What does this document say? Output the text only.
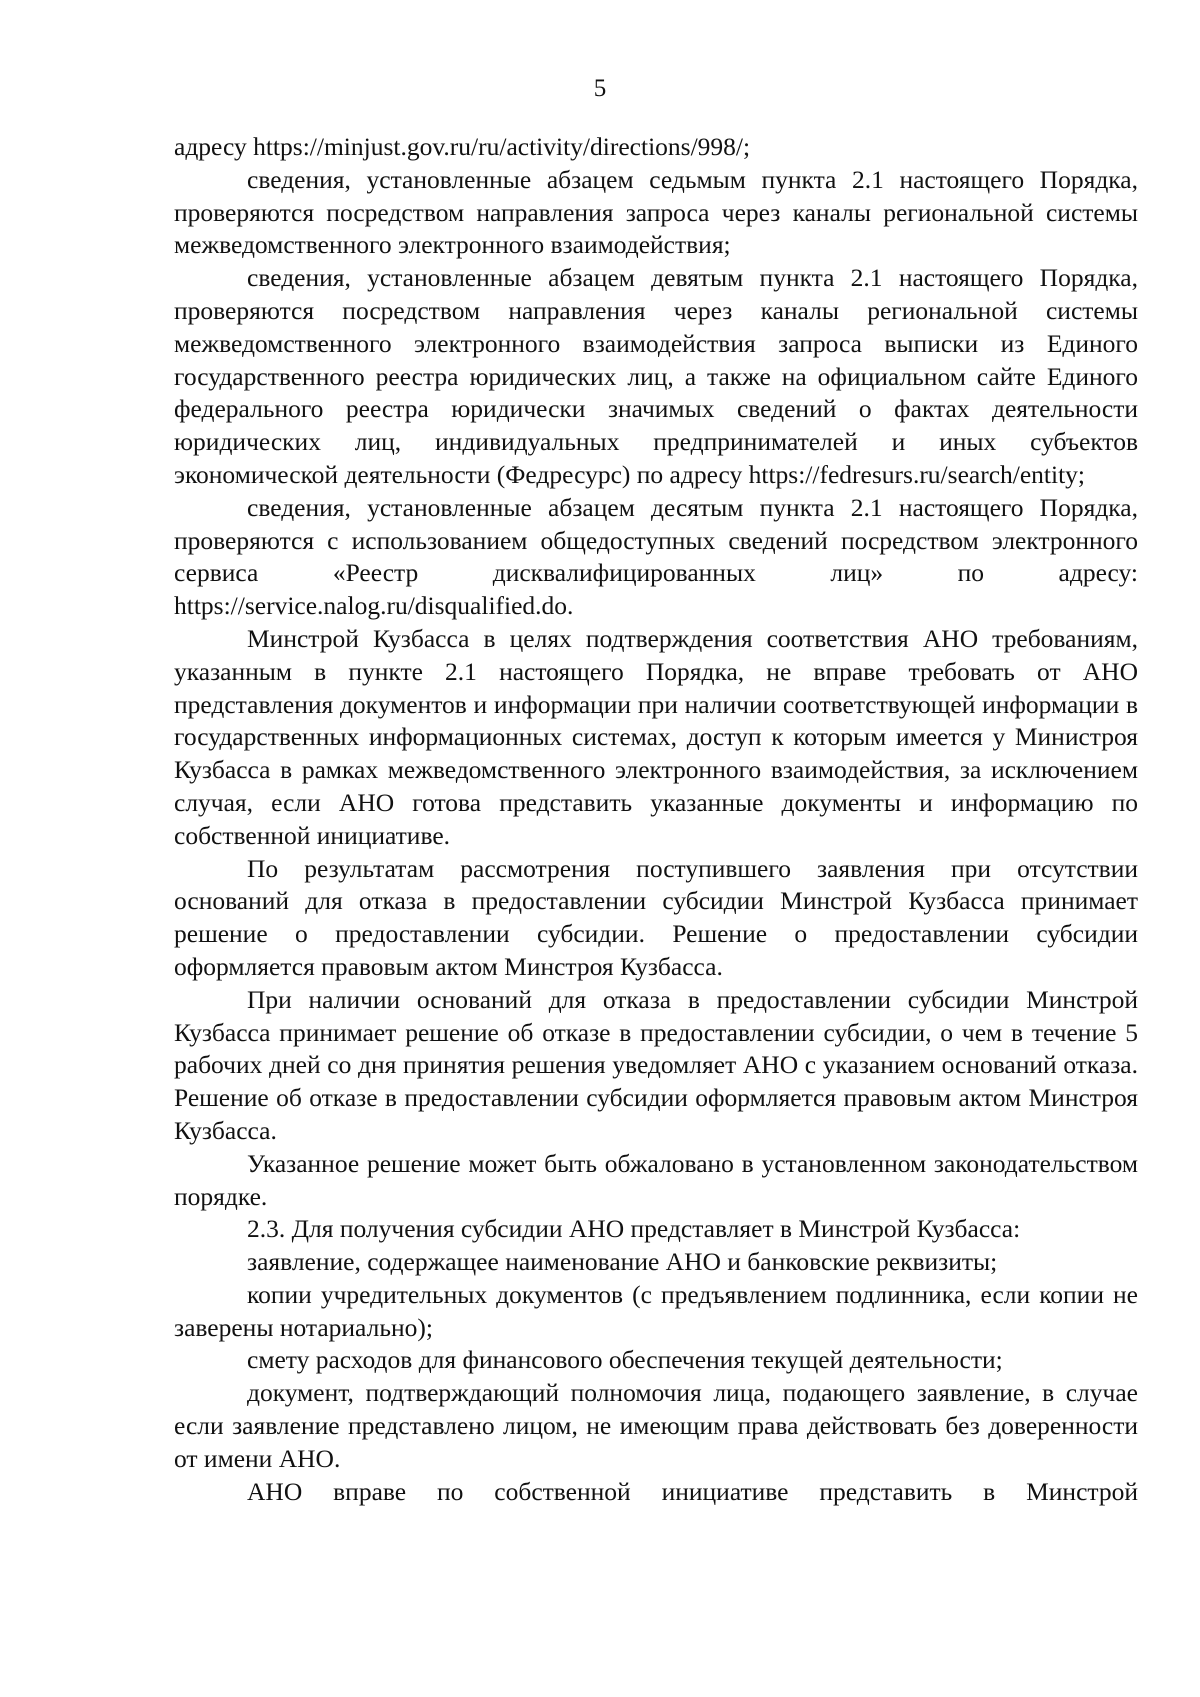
5

адресу https://minjust.gov.ru/ru/activity/directions/998/;

сведения, установленные абзацем седьмым пункта 2.1 настоящего Порядка, проверяются посредством направления запроса через каналы региональной системы межведомственного электронного взаимодействия;

сведения, установленные абзацем девятым пункта 2.1 настоящего Порядка, проверяются посредством направления через каналы региональной системы межведомственного электронного взаимодействия запроса выписки из Единого государственного реестра юридических лиц, а также на официальном сайте Единого федерального реестра юридически значимых сведений о фактах деятельности юридических лиц, индивидуальных предпринимателей и иных субъектов экономической деятельности (Федресурс) по адресу https://fedresurs.ru/search/entity;

сведения, установленные абзацем десятым пункта 2.1 настоящего Порядка, проверяются с использованием общедоступных сведений посредством электронного сервиса «Реестр дисквалифицированных лиц» по адресу: https://service.nalog.ru/disqualified.do.

Минстрой Кузбасса в целях подтверждения соответствия АНО требованиям, указанным в пункте 2.1 настоящего Порядка, не вправе требовать от АНО представления документов и информации при наличии соответствующей информации в государственных информационных системах, доступ к которым имеется у Министроя Кузбасса в рамках межведомственного электронного взаимодействия, за исключением случая, если АНО готова представить указанные документы и информацию по собственной инициативе.

По результатам рассмотрения поступившего заявления при отсутствии оснований для отказа в предоставлении субсидии Минстрой Кузбасса принимает решение о предоставлении субсидии. Решение о предоставлении субсидии оформляется правовым актом Минстроя Кузбасса.

При наличии оснований для отказа в предоставлении субсидии Минстрой Кузбасса принимает решение об отказе в предоставлении субсидии, о чем в течение 5 рабочих дней со дня принятия решения уведомляет АНО с указанием оснований отказа. Решение об отказе в предоставлении субсидии оформляется правовым актом Минстроя Кузбасса.

Указанное решение может быть обжаловано в установленном законодательством порядке.

2.3. Для получения субсидии АНО представляет в Минстрой Кузбасса:

заявление, содержащее наименование АНО и банковские реквизиты;

копии учредительных документов (с предъявлением подлинника, если копии не заверены нотариально);

смету расходов для финансового обеспечения текущей деятельности;

документ, подтверждающий полномочия лица, подающего заявление, в случае если заявление представлено лицом, не имеющим права действовать без доверенности от имени АНО.

АНО вправе по собственной инициативе представить в Минстрой
